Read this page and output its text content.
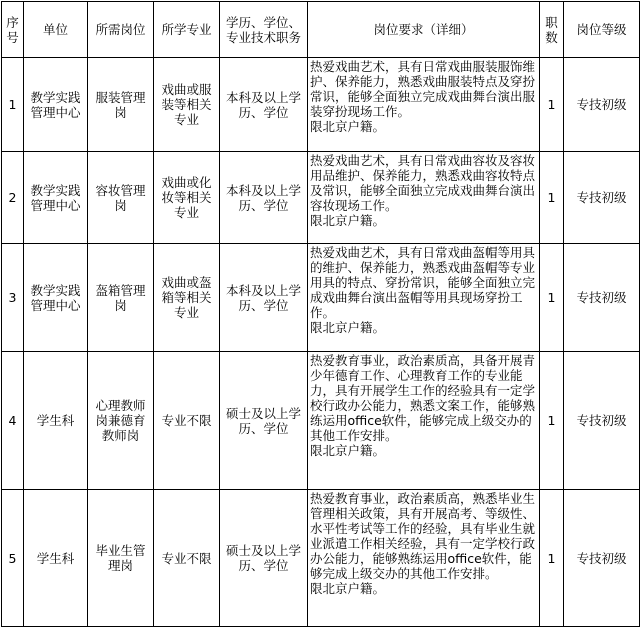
序号	单位	所需岗位	所学专业	学历、学位、专业技术职务	岗位要求（详细）	职数	岗位等级
1	教学实践管理中心	服装管理岗	戏曲或服装等相关专业	本科及以上学历、学位	热爱戏曲艺术，具有日常戏曲服装服饰维护、保养能力，熟悉戏曲服装特点及穿扮常识，能够全面独立完成戏曲舞台演出服装穿扮现场工作。
限北京户籍。	1	专技初级
2	教学实践管理中心	容妆管理岗	戏曲或化妆等相关专业	本科及以上学历、学位	热爱戏曲艺术，具有日常戏曲容妆及容妆用品维护、保养能力，熟悉戏曲容妆特点及常识，能够全面独立完成戏曲舞台演出容妆现场工作。
限北京户籍。	1	专技初级
3	教学实践管理中心	盔箱管理岗	戏曲或盔箱等相关专业	本科及以上学历、学位	热爱戏曲艺术，具有日常戏曲盔帽等用具的维护、保养能力，熟悉戏曲盔帽等专业用具的特点、穿扮常识，能够全面独立完成戏曲舞台演出盔帽等用具现场穿扮工作。
限北京户籍。	1	专技初级
4	学生科	心理教师岗兼德育教师岗	专业不限	硕士及以上学历、学位	热爱教育事业，政治素质高，具备开展青少年德育工作、心理教育工作的专业能力，具有开展学生工作的经验具有一定学校行政办公能力，熟悉文案工作，能够熟练运用office软件，能够完成上级交办的其他工作安排。
限北京户籍。	1	专技初级
5	学生科	毕业生管理岗	专业不限	硕士及以上学历、学位	热爱教育事业，政治素质高，熟悉毕业生管理相关政策，具有开展高考、等级性、水平性考试等工作的经验，具有毕业生就业派遣工作相关经验，具有一定学校行政办公能力，能够熟练运用office软件，能够完成上级交办的其他工作安排。
限北京户籍。	1	专技初级
